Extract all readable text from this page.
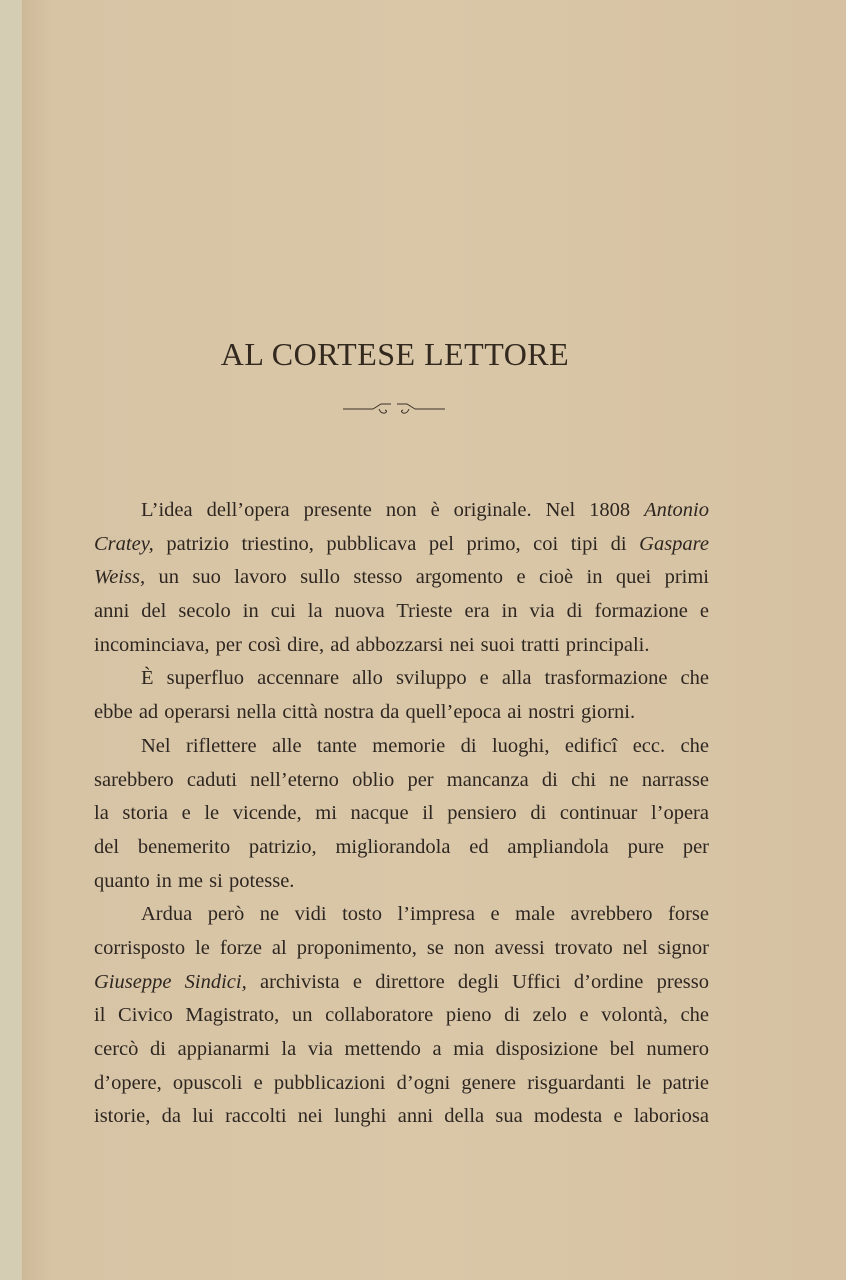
AL CORTESE LETTORE
L’idea dell’opera presente non è originale. Nel 1808 Antonio
Cratey, patrizio triestino, pubblicava pel primo, coi tipi di Gaspare
Weiss, un suo lavoro sullo stesso argomento e cioè in quei primi
anni del secolo in cui la nuova Trieste era in via di formazione e
incominciava, per così dire, ad abbozzarsi nei suoi tratti principali.
È superfluo accennare allo sviluppo e alla trasformazione che
ebbe ad operarsi nella città nostra da quell’epoca ai nostri giorni.
Nel riflettere alle tante memorie di luoghi, edificî ecc. che
sarebbero caduti nell’eterno oblio per mancanza di chi ne narrasse
la storia e le vicende, mi nacque il pensiero di continuar l’opera
del benemerito patrizio, migliorandola ed ampliandola pure per
quanto in me si potesse.
Ardua però ne vidi tosto l’impresa e male avrebbero forse
corrisposto le forze al proponimento, se non avessi trovato nel signor
Giuseppe Sindici, archivista e direttore degli Uffici d’ordine presso
il Civico Magistrato, un collaboratore pieno di zelo e volontà, che
cercò di appianarmi la via mettendo a mia disposizione bel numero
d’opere, opuscoli e pubblicazioni d’ogni genere risguardanti le patrie
istorie, da lui raccolti nei lunghi anni della sua modesta e laboriosa
